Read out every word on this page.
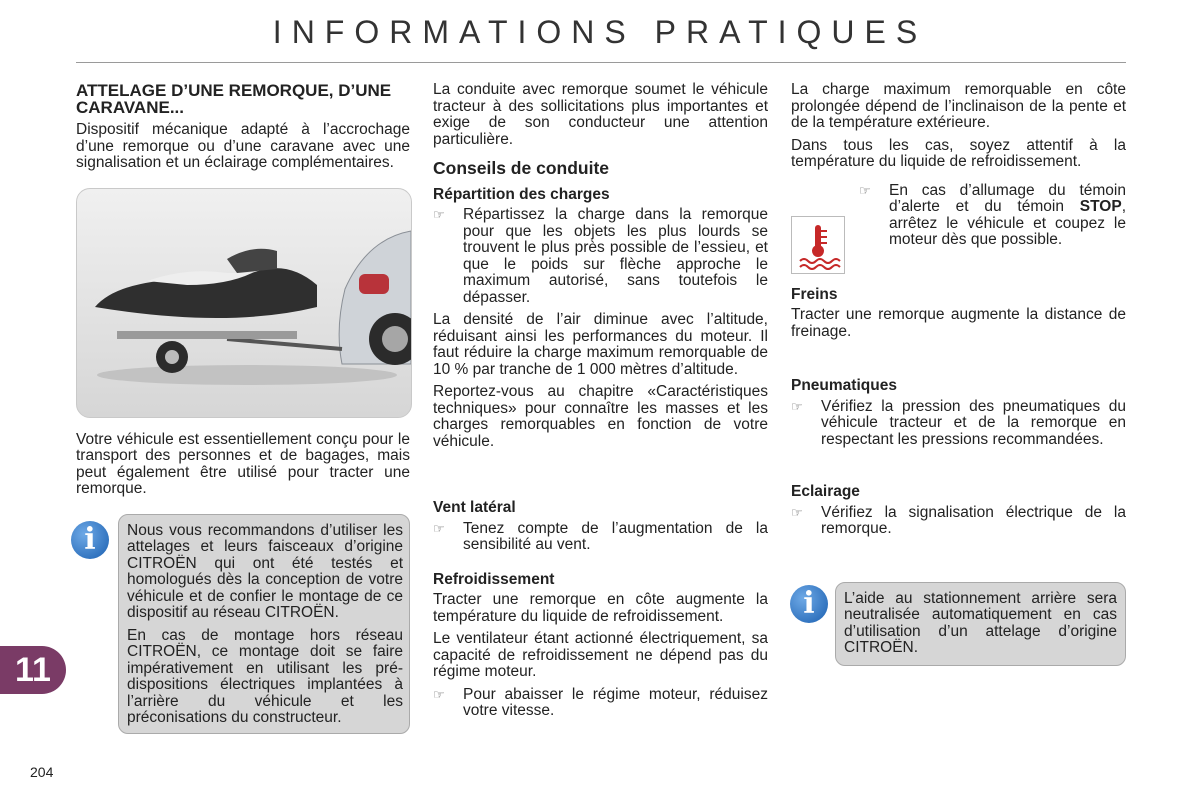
INFORMATIONS PRATIQUES
ATTELAGE D’UNE REMORQUE, D’UNE CARAVANE...

Dispositif mécanique adapté à l’accrochage d’une remorque ou d’une caravane avec une signalisation et un éclairage complémentaires.

Votre véhicule est essentiellement conçu pour le transport des personnes et de bagages, mais peut également être utilisé pour tracter une remorque.

i	Nous vous recommandons d’utiliser les attelages et leurs faisceaux d’origine CITROËN qui ont été testés et homologués dès la conception de votre véhicule et de confier le montage de ce dispositif au réseau CITROËN.

En cas de montage hors réseau CITROËN, ce montage doit se faire impérativement en utilisant les pré-dispositions électriques implantées à l’arrière du véhicule et les préconisations du constructeur.

La conduite avec remorque soumet le véhicule tracteur à des sollicitations plus importantes et exige de son conducteur une attention particulière.

Conseils de conduite
Répartition des charges
☞ Répartissez la charge dans la remorque pour que les objets les plus lourds se trouvent le plus près possible de l’essieu, et que le poids sur flèche approche le maximum autorisé, sans toutefois le dépasser.

La densité de l’air diminue avec l’altitude, réduisant ainsi les performances du moteur. Il faut réduire la charge maximum remorquable de 10 % par tranche de 1 000 mètres d’altitude.

Reportez-vous au chapitre «Caractéristiques techniques» pour connaître les masses et les charges remorquables en fonction de votre véhicule.

Vent latéral
☞ Tenez compte de l’augmentation de la sensibilité au vent.
Refroidissement

Tracter une remorque en côte augmente la température du liquide de refroidissement.

Le ventilateur étant actionné électriquement, sa capacité de refroidissement ne dépend pas du régime moteur.

☞ Pour abaisser le régime moteur, réduisez votre vitesse.

La charge maximum remorquable en côte prolongée dépend de l’inclinaison de la pente et de la température extérieure.

Dans tous les cas, soyez attentif à la température du liquide de refroidissement.

☞ En cas d’allumage du témoin d’alerte et du témoin STOP, arrêtez le véhicule et coupez le moteur dès que possible.
Freins

Tracter une remorque augmente la distance de freinage.

Pneumatiques
☞ Vérifiez la pression des pneumatiques du véhicule tracteur et de la remorque en respectant les pressions recommandées.
Eclairage
☞ Vérifiez la signalisation électrique de la remorque.
i	L’aide au stationnement arrière sera neutralisée automatiquement en cas d’utilisation d’un attelage d’origine CITROËN.

11
204
